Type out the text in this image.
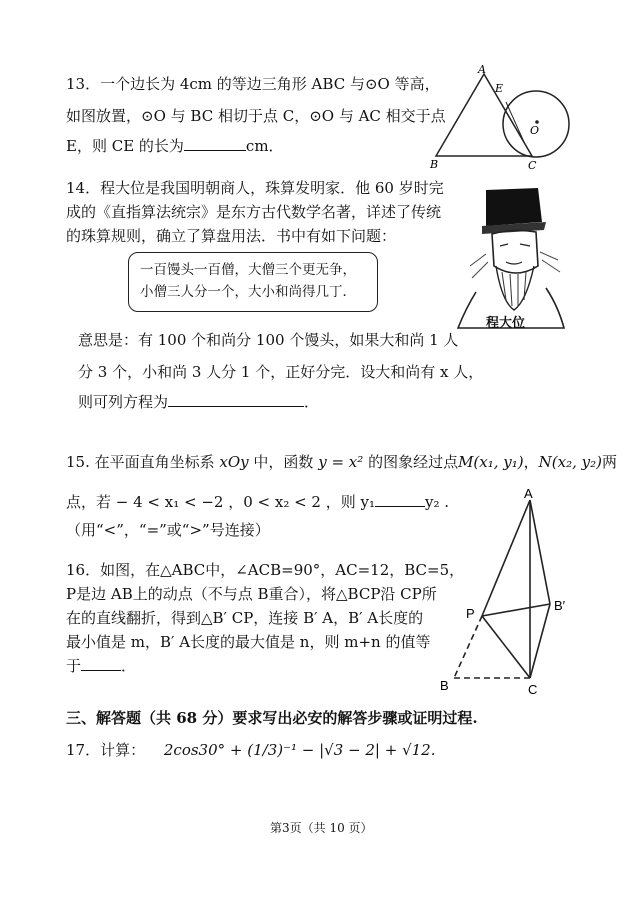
13．一个边长为 4cm 的等边三角形 ABC 与⊙O 等高，
如图放置，⊙O 与 BC 相切于点 C，⊙O 与 AC 相交于点
E，则 CE 的长为	cm．
A
E
O
B	C
14．程大位是我国明朝商人，珠算发明家．他 60 岁时完
成的《直指算法统宗》是东方古代数学名著，详述了传统
的珠算规则，确立了算盘用法．书中有如下问题：
一百馒头一百僧，大僧三个更无争，
小僧三人分一个，大小和尚得几丁．
程大位
意思是：有 100 个和尚分 100 个馒头，如果大和尚 1 人
分 3 个，小和尚 3 人分 1 个，正好分完．设大和尚有 x 人，
则可列方程为	．
15. 在平面直角坐标系 xOy 中，函数 y = x² 的图象经过点M(x₁, y₁)，N(x₂, y₂)两
点，若 − 4 < x₁ < −2 ，0 < x₂ < 2 ，则 y₁	y₂ .
（用“<”，“=”或“>”号连接）
16．如图，在△ABC中，∠ACB=90°，AC=12，BC=5，
P是边 AB上的动点（不与点 B重合），将△BCP沿 CP所
在的直线翻折，得到△B′ CP，连接 B′ A，B′ A长度的
最小值是 m，B′ A长度的最大值是 n，则 m+n 的值等
于	．
A
P
B′
B	C
三、解答题（共 68 分）要求写出必安的解答步骤或证明过程.
17．计算： 2cos30° + (1/3)⁻¹ − |√3 − 2| + √12.
第3页（共 10 页）
